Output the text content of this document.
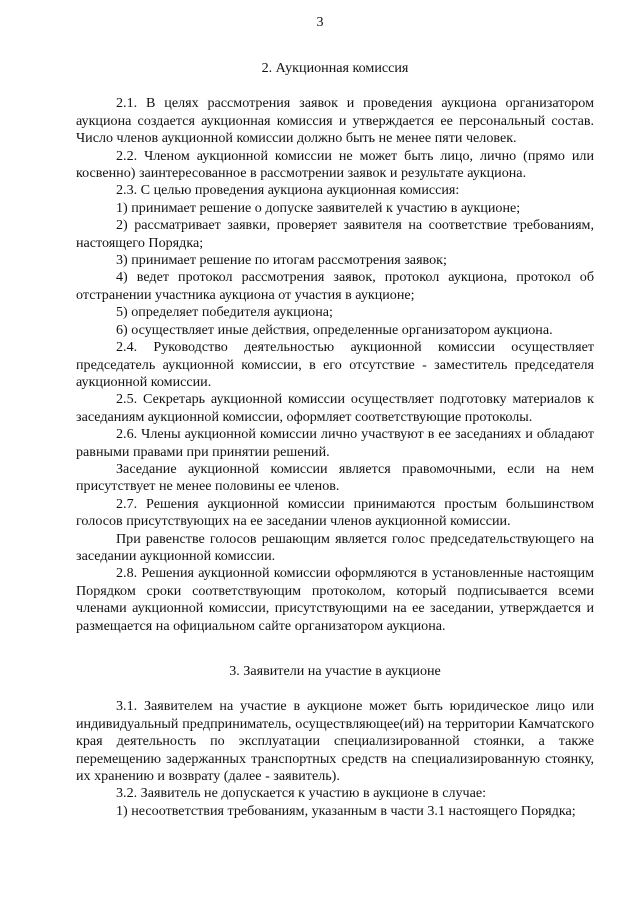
3
2. Аукционная комиссия

2.1. В целях рассмотрения заявок и проведения аукциона организатором аукциона создается аукционная комиссия и утверждается ее персональный состав. Число членов аукционной комиссии должно быть не менее пяти человек.

2.2. Членом аукционной комиссии не может быть лицо, лично (прямо или косвенно) заинтересованное в рассмотрении заявок и результате аукциона.

2.3. С целью проведения аукциона аукционная комиссия:

1) принимает решение о допуске заявителей к участию в аукционе;

2) рассматривает заявки, проверяет заявителя на соответствие требованиям, настоящего Порядка;

3) принимает решение по итогам рассмотрения заявок;

4) ведет протокол рассмотрения заявок, протокол аукциона, протокол об отстранении участника аукциона от участия в аукционе;

5) определяет победителя аукциона;

6) осуществляет иные действия, определенные организатором аукциона.

2.4. Руководство деятельностью аукционной комиссии осуществляет председатель аукционной комиссии, в его отсутствие - заместитель председателя аукционной комиссии.

2.5. Секретарь аукционной комиссии осуществляет подготовку материалов к заседаниям аукционной комиссии, оформляет соответствующие протоколы.

2.6. Члены аукционной комиссии лично участвуют в ее заседаниях и обладают равными правами при принятии решений.

Заседание аукционной комиссии является правомочными, если на нем присутствует не менее половины ее членов.

2.7. Решения аукционной комиссии принимаются простым большинством голосов присутствующих на ее заседании членов аукционной комиссии.

При равенстве голосов решающим является голос председательствующего на заседании аукционной комиссии.

2.8. Решения аукционной комиссии оформляются в установленные настоящим Порядком сроки соответствующим протоколом, который подписывается всеми членами аукционной комиссии, присутствующими на ее заседании, утверждается и размещается на официальном сайте организатором аукциона.

3. Заявители на участие в аукционе

3.1. Заявителем на участие в аукционе может быть юридическое лицо или индивидуальный предприниматель, осуществляющее(ий) на территории Камчатского края деятельность по эксплуатации специализированной стоянки, а также перемещению задержанных транспортных средств на специализированную стоянку, их хранению и возврату (далее - заявитель).

3.2. Заявитель не допускается к участию в аукционе в случае:

1) несоответствия требованиям, указанным в части 3.1 настоящего Порядка;
